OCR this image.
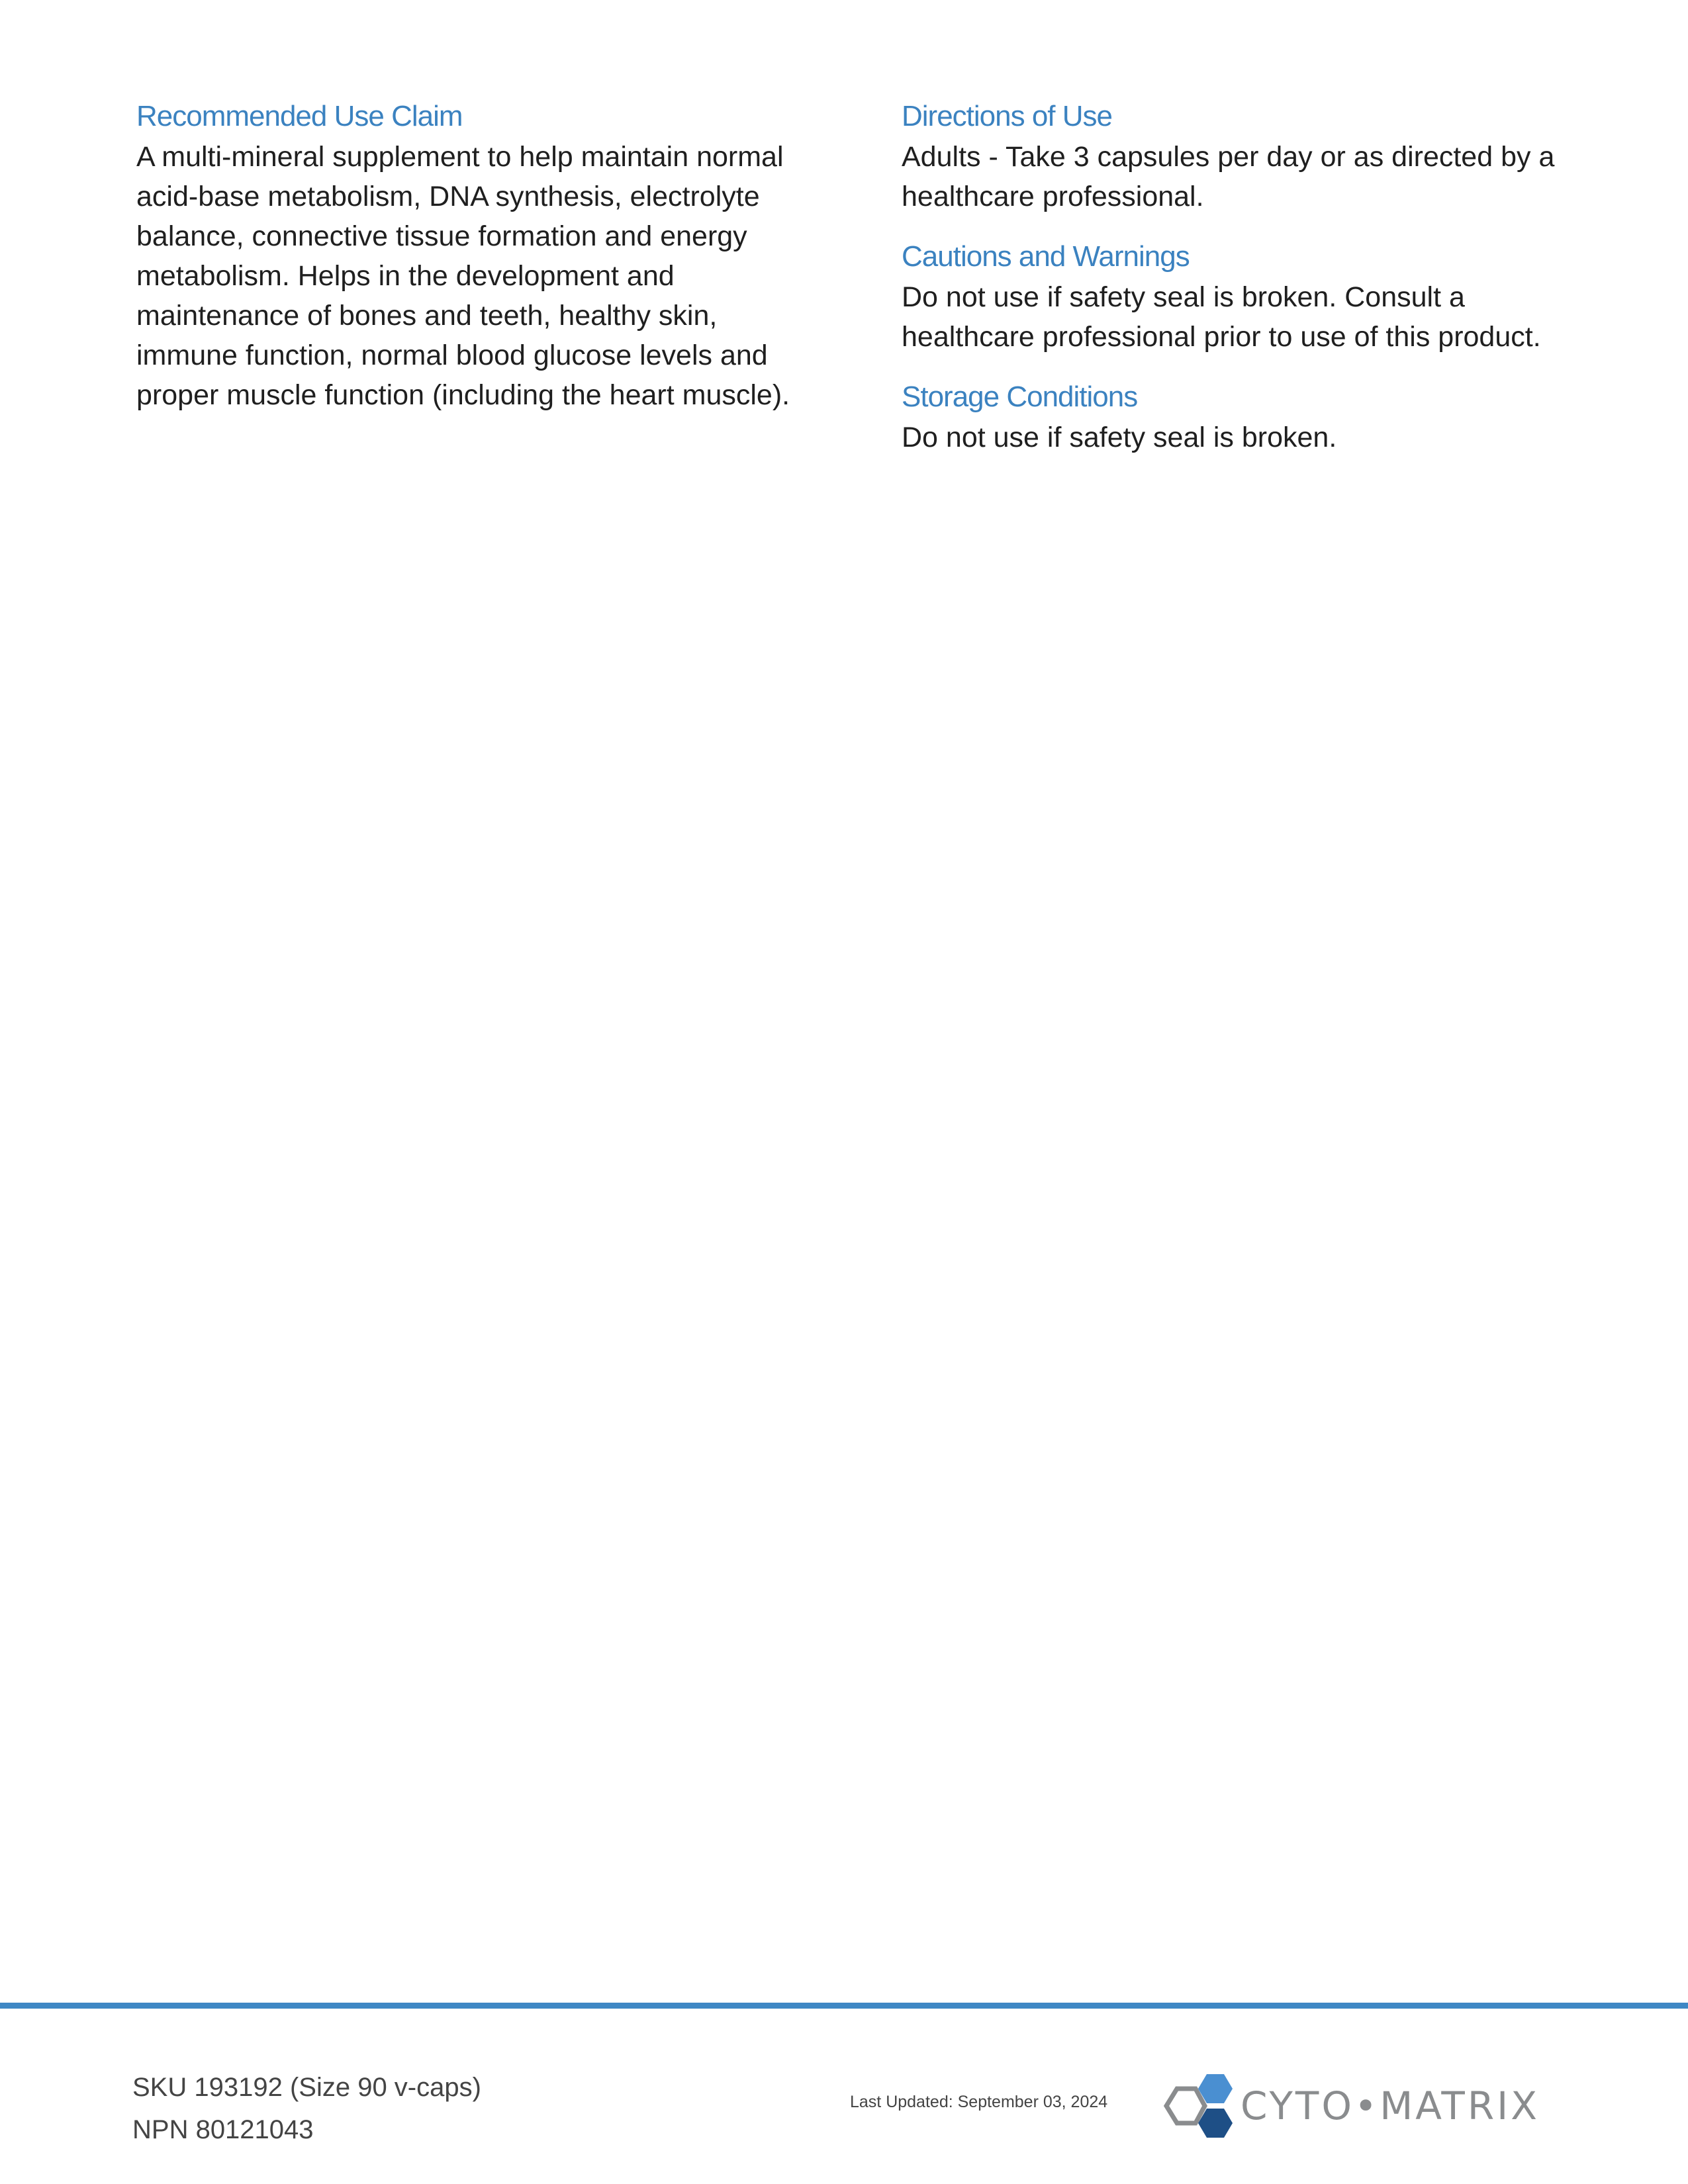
Recommended Use Claim

A multi-mineral supplement to help maintain normal acid-base metabolism, DNA synthesis, electrolyte balance, connective tissue formation and energy metabolism. Helps in the development and maintenance of bones and teeth, healthy skin, immune function, normal blood glucose levels and proper muscle function (including the heart muscle).

Directions of Use

Adults - Take 3 capsules per day or as directed by a healthcare professional.

Cautions and Warnings

Do not use if safety seal is broken. Consult a healthcare professional prior to use of this product.

Storage Conditions

Do not use if safety seal is broken.

SKU 193192 (Size 90 v-caps)
NPN 80121043
Last Updated: September 03, 2024	CYTO•MATRIX
